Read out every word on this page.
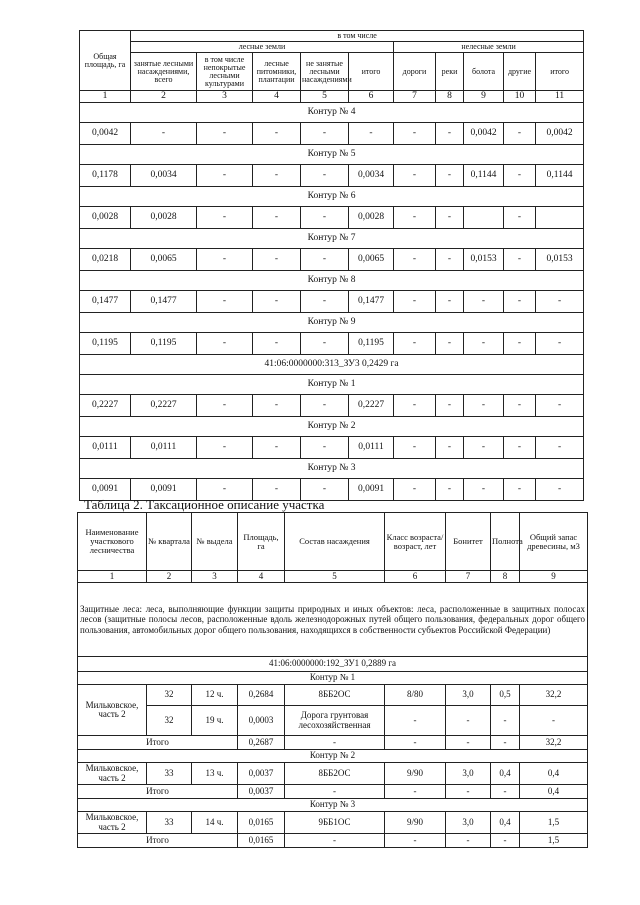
Общая площадь, га	в том числе									
	лесные земли					нелесные земли				
	занятые лесными насаждениями, всего	в том числе непокрытые лесными культурами	лесные питомники, плантации	не занятые лесными насаждениями	итого	дороги	реки	болота	другие	итого
1	2	3	4	5	6	7	8	9	10	11
Контур № 4										
0,0042	-	-	-	-	-	-	-	0,0042	-	0,0042
Контур № 5										
0,1178	0,0034	-	-	-	0,0034	-	-	0,1144	-	0,1144
Контур № 6										
0,0028	0,0028	-	-	-	0,0028	-	-		-	
Контур № 7										
0,0218	0,0065	-	-	-	0,0065	-	-	0,0153	-	0,0153
Контур № 8										
0,1477	0,1477	-	-	-	0,1477	-	-	-	-	-
Контур № 9										
0,1195	0,1195	-	-	-	0,1195	-	-	-	-	-
41:06:0000000:313_ЗУ3 0,2429 га										
Контур № 1										
0,2227	0,2227	-	-	-	0,2227	-	-	-	-	-
Контур № 2										
0,0111	0,0111	-	-	-	0,0111	-	-	-	-	-
Контур № 3										
0,0091	0,0091	-	-	-	0,0091	-	-	-	-	-
Таблица 2. Таксационное описание участка
Наименование участкового лесничества	№ квартала	№ выдела	Площадь, га	Состав насаждения	Класс возраста/ возраст, лет	Бонитет	Полнота	Общий запас древесины, м3
1	2	3	4	5	6	7	8	9
Защитные леса: леса, выполняющие функции защиты природных и иных объектов: леса, расположенные в защитных полосах лесов (защитные полосы лесов, расположенные вдоль железнодорожных путей общего пользования, федеральных дорог общего пользования, автомобильных дорог общего пользования, находящихся в собственности субъектов Российской Федерации)								
41:06:0000000:192_ЗУ1 0,2889 га								
Контур № 1								
Мильковское, часть 2	32	12 ч.	0,2684	8ББ2ОС	8/80	3,0	0,5	32,2
	32	19 ч.	0,0003	Дорога грунтовая лесохозяйственная	-	-	-	-
Итого			0,2687	-	-	-	-	32,2
Контур № 2								
Мильковское, часть 2	33	13 ч.	0,0037	8ББ2ОС	9/90	3,0	0,4	0,4
Итого			0,0037	-	-	-	-	0,4
Контур № 3								
Мильковское, часть 2	33	14 ч.	0,0165	9ББ1ОС	9/90	3,0	0,4	1,5
Итого			0,0165	-	-	-	-	1,5
